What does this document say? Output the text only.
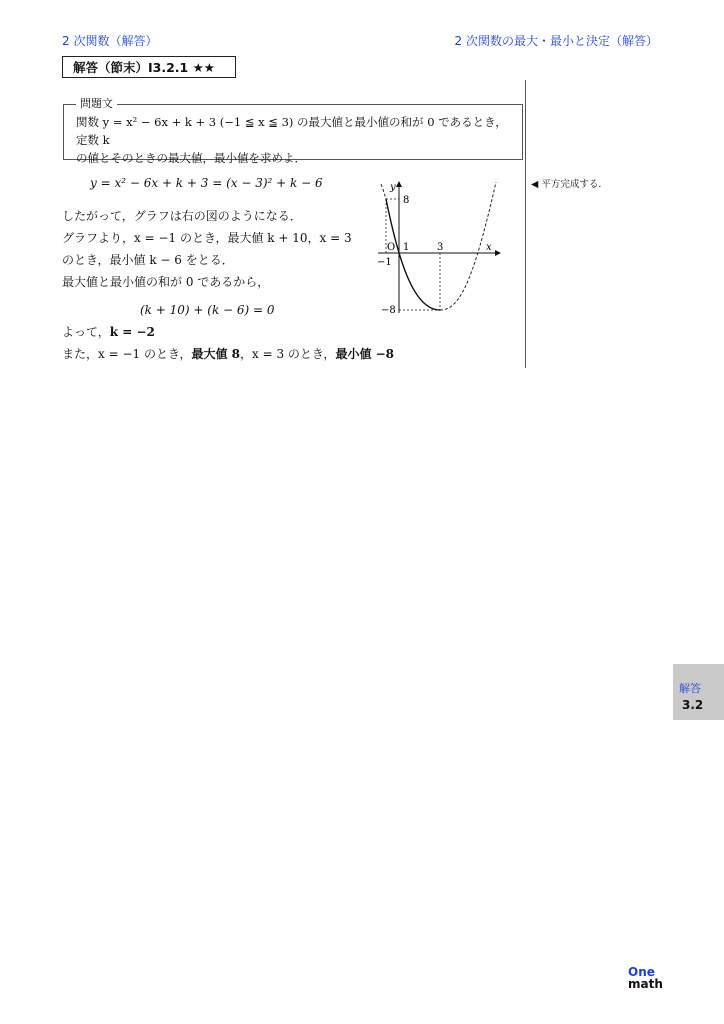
2 次関数（解答）	2 次関数の最大・最小と決定（解答）
解答（節末）I3.2.1 ★★
関数 y = x² − 6x + k + 3 (−1 ≦ x ≦ 3) の最大値と最小値の和が 0 であるとき，定数 k
の値とそのときの最大値，最小値を求めよ．
問題文
y = x² − 6x + k + 3 = (x − 3)² + k − 6	◀ 平方完成する．
したがって，グラフは右の図のようになる．
グラフより，x = −1 のとき，最大値 k + 10，x = 3
のとき，最小値 k − 6 をとる．
最大値と最小値の和が 0 であるから，
(k + 10) + (k − 6) = 0
よって，k = −2
また，x = −1 のとき，最大値 8，x = 3 のとき，最小値 −8
y
x
O
8
1	3
−1
−8
解答
3.2
One
math
